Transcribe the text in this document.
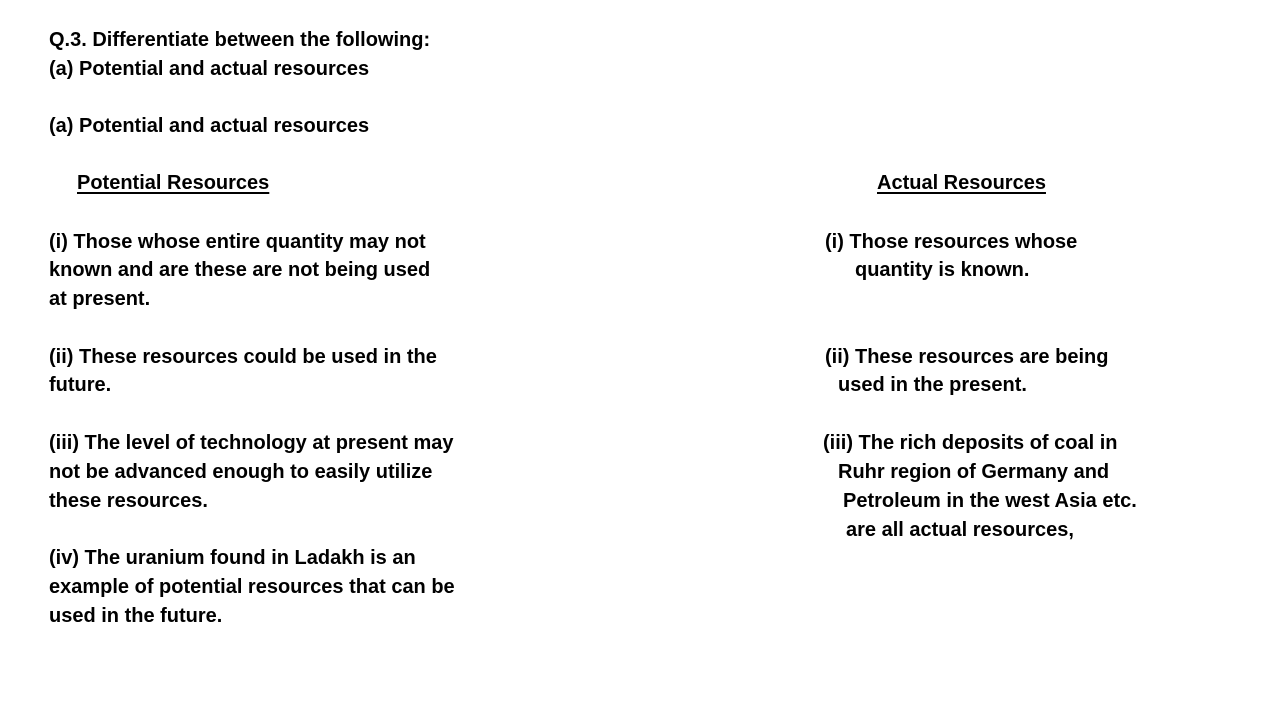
Q.3. Differentiate between the following:
(a) Potential and actual resources
(a) Potential and actual resources
Potential Resources	Actual Resources
(i) Those whose entire quantity may not
known and are these are not being used
at present.
(ii) These resources could be used in the
future.
(iii) The level of technology at present may
not be advanced enough to easily utilize
these resources.
(iv) The uranium found in Ladakh is an
example of potential resources that can be
used in the future.
(i) Those resources whose
quantity is known.
(ii) These resources are being
used in the present.
(iii) The rich deposits of coal in
Ruhr region of Germany and
Petroleum in the west Asia etc.
are all actual resources,
